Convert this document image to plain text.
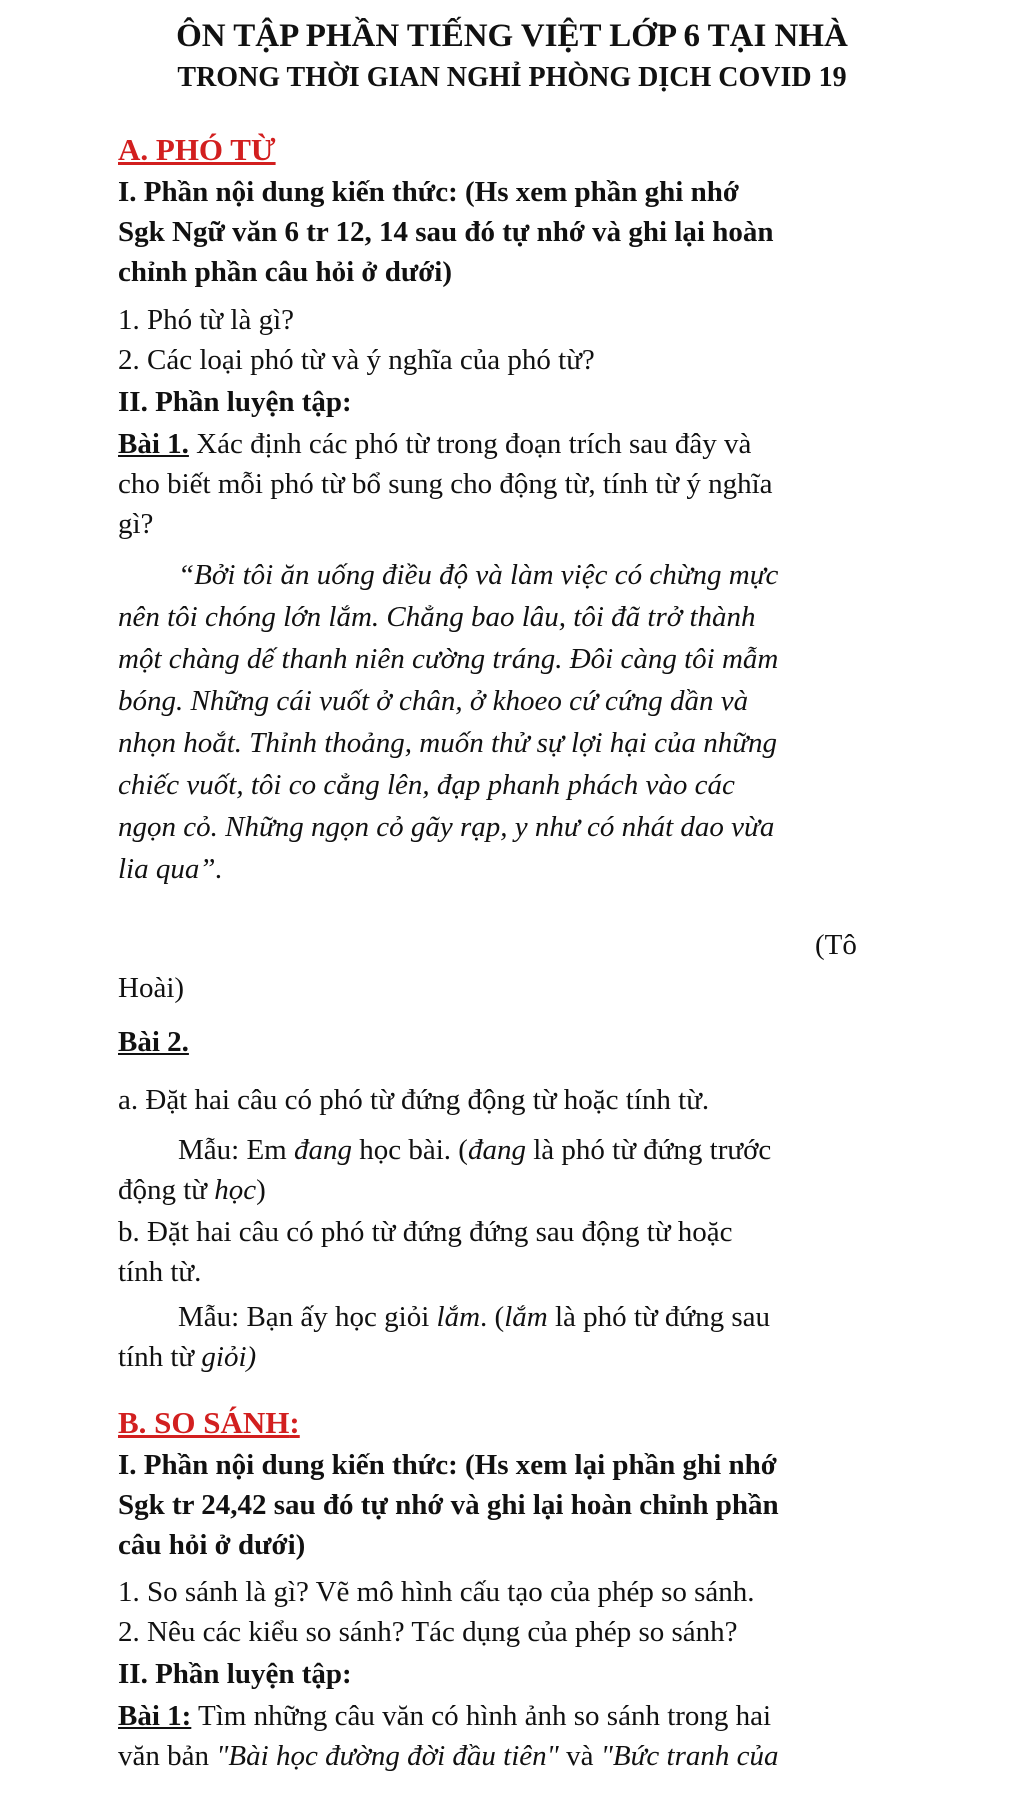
ÔN TẬP PHẦN TIẾNG VIỆT LỚP 6 TẠI NHÀ
TRONG THỜI GIAN NGHỈ PHÒNG DỊCH COVID 19
A. PHÓ TỪ
I. Phần nội dung kiến thức: (Hs xem phần ghi nhớ
Sgk Ngữ văn 6 tr 12, 14 sau đó tự nhớ và ghi lại hoàn
chỉnh phần câu hỏi ở dưới)
1. Phó từ là gì?
2. Các loại phó từ và ý nghĩa của phó từ?
II. Phần luyện tập:
Bài 1. Xác định các phó từ trong đoạn trích sau đây và
cho biết mỗi phó từ bổ sung cho động từ, tính từ ý nghĩa
gì?
“Bởi tôi ăn uống điều độ và làm việc có chừng mực
nên tôi chóng lớn lắm. Chẳng bao lâu, tôi đã trở thành
một chàng dế thanh niên cường tráng. Đôi càng tôi mẫm
bóng. Những cái vuốt ở chân, ở khoeo cứ cứng dần và
nhọn hoắt. Thỉnh thoảng, muốn thử sự lợi hại của những
chiếc vuốt, tôi co cẳng lên, đạp phanh phách vào các
ngọn cỏ. Những ngọn cỏ gãy rạp, y như có nhát dao vừa
lia qua”.
(Tô
Hoài)
Bài 2.
a. Đặt hai câu có phó từ đứng động từ hoặc tính từ.
Mẫu: Em đang học bài. (đang là phó từ đứng trước
động từ học)
b. Đặt hai câu có phó từ đứng đứng sau động từ hoặc
tính từ.
Mẫu: Bạn ấy học giỏi lắm. (lắm là phó từ đứng sau
tính từ giỏi)
B. SO SÁNH:
I. Phần nội dung kiến thức: (Hs xem lại phần ghi nhớ
Sgk tr 24,42 sau đó tự nhớ và ghi lại hoàn chỉnh phần
câu hỏi ở dưới)
1. So sánh là gì? Vẽ mô hình cấu tạo của phép so sánh.
2. Nêu các kiểu so sánh? Tác dụng của phép so sánh?
II. Phần luyện tập:
Bài 1: Tìm những câu văn có hình ảnh so sánh trong hai
văn bản "Bài học đường đời đầu tiên" và "Bức tranh của
